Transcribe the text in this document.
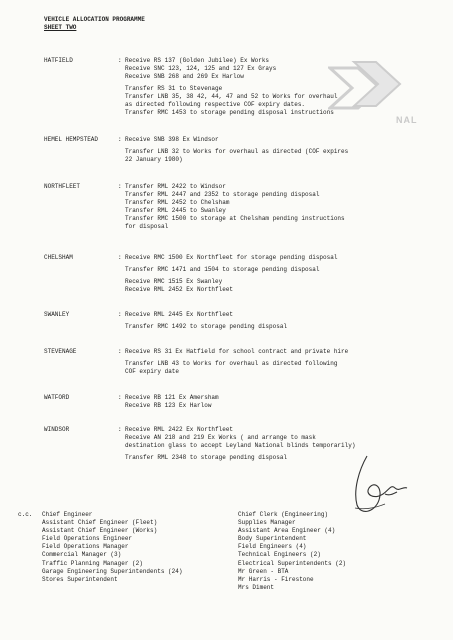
VEHICLE ALLOCATION PROGRAMME
SHEET TWO
NAL
HATFIELD	: Receive RS 137 (Golden Jubilee) Ex Works
Receive SNC 123, 124, 125 and 127 Ex Grays
Receive SNB 268 and 269 Ex Harlow
Transfer RS 31 to Stevenage
Transfer LNB 35, 38 42, 44, 47 and 52 to Works for overhaul
as directed following respective COF expiry dates.
Transfer RMC 1453 to storage pending disposal instructions
HEMEL HEMPSTEAD	: Receive SNB 398 Ex Windsor
Transfer LNB 32 to Works for overhaul as directed (COF expires
22 January 1980)
NORTHFLEET	: Transfer RML 2422 to Windsor
Transfer RML 2447 and 2352 to storage pending disposal
Transfer RML 2452 to Chelsham
Transfer RML 2445 to Swanley
Transfer RMC 1500 to storage at Chelsham pending instructions
for disposal
CHELSHAM	: Receive RMC 1500 Ex Northfleet for storage pending disposal
Transfer RMC 1471 and 1504 to storage pending disposal
Receive RMC 1515 Ex Swanley
Receive RML 2452 Ex Northfleet
SWANLEY	: Receive RML 2445 Ex Northfleet
Transfer RMC 1492 to storage pending disposal
STEVENAGE	: Receive RS 31 Ex Hatfield for school contract and private hire
Transfer LNB 43 to Works for overhaul as directed following
COF expiry date
WATFORD	: Receive RB 121 Ex Amersham
Receive RB 123 Ex Harlow
WINDSOR	: Receive RML 2422 Ex Northfleet
Receive AN 218 and 219 Ex Works ( and arrange to mask
destination glass to accept Leyland National blinds temporarily)
Transfer RML 2348 to storage pending disposal
c.c. Chief Engineer
Assistant Chief Engineer (Fleet)
Assistant Chief Engineer (Works)
Field Operations Engineer
Field Operations Manager
Commercial Manager (3)
Traffic Planning Manager (2)
Garage Engineering Superintendents (24)
Stores Superintendent
Chief Clerk (Engineering)
Supplies Manager
Assistant Area Engineer (4)
Body Superintendent
Field Engineers (4)
Technical Engineers (2)
Electrical Superintendents (2)
Mr Green - BTA
Mr Harris - Firestone
Mrs Diment
